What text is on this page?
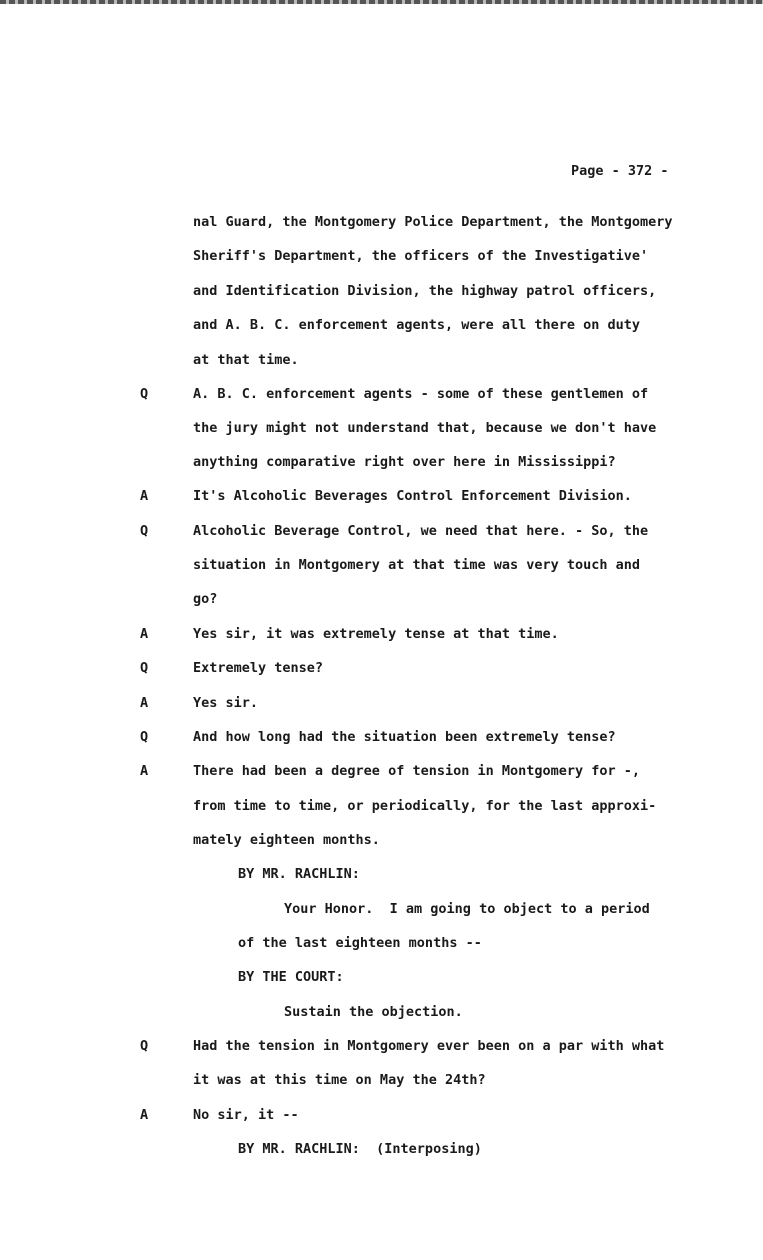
Page - 372 -
nal Guard, the Montgomery Police Department, the Montgomery
Sheriff's Department, the officers of the Investigative'
and Identification Division, the highway patrol officers,
and A. B. C. enforcement agents, were all there on duty
at that time.
Q	A. B. C. enforcement agents - some of these gentlemen of
the jury might not understand that, because we don't have
anything comparative right over here in Mississippi?
A	It's Alcoholic Beverages Control Enforcement Division.
Q	Alcoholic Beverage Control, we need that here. - So, the
situation in Montgomery at that time was very touch and
go?
A	Yes sir, it was extremely tense at that time.
Q	Extremely tense?
A	Yes sir.
Q	And how long had the situation been extremely tense?
A	There had been a degree of tension in Montgomery for -,
from time to time, or periodically, for the last approxi-
mately eighteen months.
BY MR. RACHLIN:
Your Honor.  I am going to object to a period
of the last eighteen months --
BY THE COURT:
Sustain the objection.
Q	Had the tension in Montgomery ever been on a par with what
it was at this time on May the 24th?
A	No sir, it --
BY MR. RACHLIN:  (Interposing)
